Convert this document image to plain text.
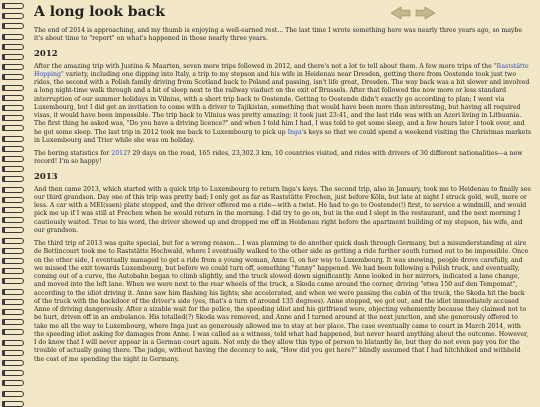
A long look back

The end of 2014 is approaching, and my thumb is enjoying a well-earned rest... The last time I wrote something here was nearly three years ago, so maybe it's about time to "report" on what's happened in those nearly three years.

2012

After the amazing trip with Justina & Maarten, seven more trips followed in 2012, and there's not a lot to tell about them. A few more trips of the "Raststätte Hopping" variety, including one dipping into Italy, a trip to my stepson and his wife in Heidenau near Dresden, getting there from Oostende took just two rides, the second with a Polish family driving from Scotland back to Poland and passing, isn't life great, Dresden. The way back was a bit slower and involved a long night-time walk through and a bit of sleep next to the railway viaduct on the exit of Brussels. After that followed the now more or less standard interruption of our summer holidays in Vilnius, with a short trip back to Oostende. Getting to Oostende didn't exactly go according to plan; I went via Luxembourg, but I did get an invitation to come with a driver to Tajikistan, something that would have been more than interesting, but having all required visas, it would have been impossible. The trip back to Vilnius was pretty amazing; it took just 23:41, and the last ride was with an Azeri living in Lithuania. The first thing he asked was, "Do you have a driving licence?" and when I told him I had, I was told to get some sleep, and a few hours later I took over, and he got some sleep. The last trip in 2012 took me back to Luxembourg to pick up Inga's keys so that we could spend a weekend visiting the Christmas markets in Luxembourg and Trier while she was on holiday.

The boring statistics for 2012? 29 days on the road, 165 rides, 23,302.3 km, 10 countries visited, and rides with drivers of 30 different nationalities—a new record! I'm so happy!

2013

And then came 2013, which started with a quick trip to Luxembourg to return Inga's keys. The second trip, also in January, took me to Heidenau to finally see our third grandson. Day one of this trip was pretty bad; I only got as far as Raststätte Frechen, just before Köln, but late at night I struck gold, well, more or less. A car with a MEI(ssen) plate stopped, and the driver offered me a ride—with a twist. He had to go to Oostende(!) first, to service a windmill, and would pick me up if I was still at Frechen when he would return in the morning. I did try to go on, but in the end I slept in the restaurant, and the next morning I cautiously waited. True to his word, the driver showed up and dropped me off in Heidenau right before the apartment building of my stepson, his wife, and our grandson.

The third trip of 2013 was quite special, but for a wrong reason... I was planning to do another quick dash through Germany, but a misunderstanding at aire de Bettincourt took me to Raststätte Hochwald, where I eventually walked to the other side as getting a ride further south turned out to be impossible. Once on the other side, I eventually managed to get a ride from a young woman, Anne G, on her way to Luxembourg. It was snowing, people drove carefully, and we missed the exit towards Luxembourg, but before we could turn off, something "funny" happened. We had been following a Polish truck, and eventually, coming out of a curve, the Autobahn began to climb slightly, and the truck slowed down significantly. Anne looked in her mirrors, indicated a lane change, and moved into the left lane. When we were next to the rear wheels of the truck, a Skoda came around the corner, driving "etwa 150 auf den Tempomat", according to the idiot driving it. Anne saw him flashing his lights; she accelerated, and when we were passing the cabin of the truck, the Skoda hit the back of the truck with the backdoor of the driver's side (yes, that's a turn of around 135 degrees). Anne stopped, we got out, and the idiot immediately accused Anne of driving dangerously. After a sizable wait for the police, the speeding idiot and his girlfriend were, objecting vehemently because they claimed not to be hurt, driven off in an ambulance. His totalled(?) Skoda was removed, and Anne and I turned around at the next junction, and she generously offered to take me all the way to Luxembourg, where Inga just as generously allowed me to stay at her place. The case eventually came to court in March 2014, with the speeding idiot asking for damages from Anne. I was called as a witness, told what had happened, but never heard anything about the outcome. However, I do know that I will never appear in a German court again. Not only do they allow this type of person to blatantly lie, but they do not even pay you for the trouble of actually going there. The judge, without having the decency to ask, "How did you get here?" blindly assumed that I had hitchhiked and withheld the cost of me spending the night in Germany.
